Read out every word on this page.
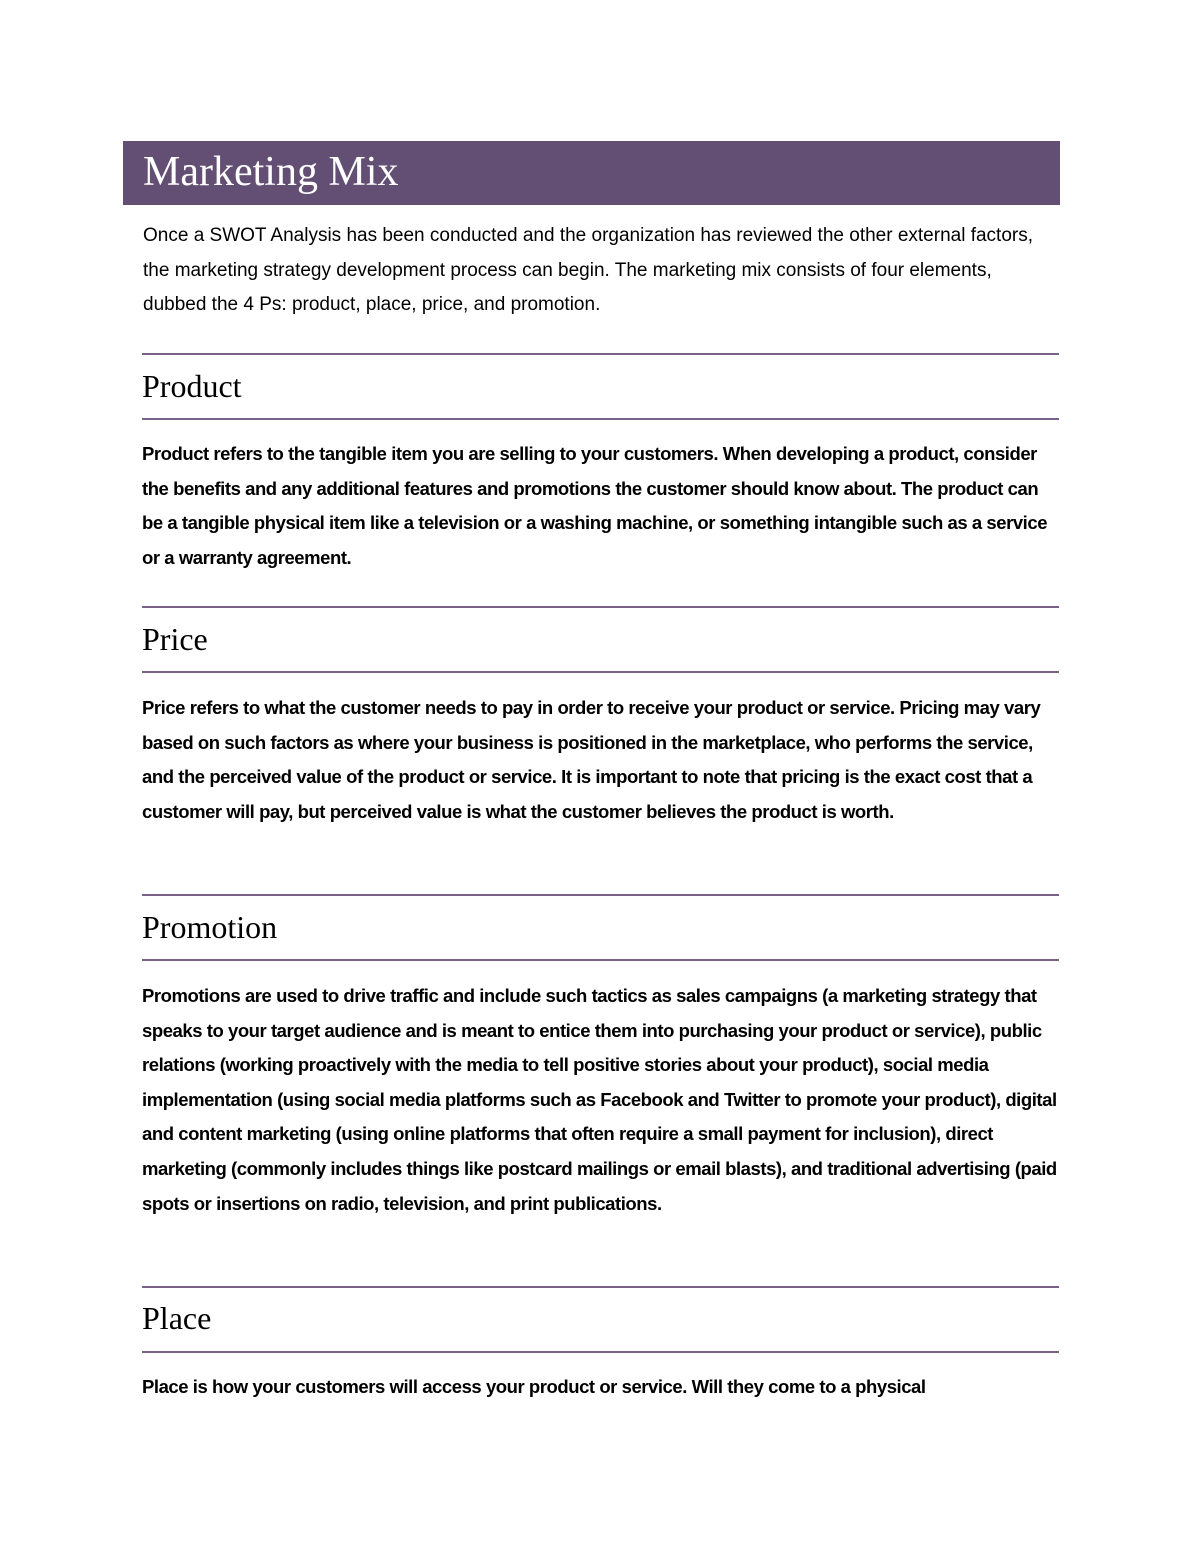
Marketing Mix
Once a SWOT Analysis has been conducted and the organization has reviewed the other external factors, the marketing strategy development process can begin. The marketing mix consists of four elements, dubbed the 4 Ps: product, place, price, and promotion.
Product
Product refers to the tangible item you are selling to your customers. When developing a product, consider the benefits and any additional features and promotions the customer should know about. The product can be a tangible physical item like a television or a washing machine, or something intangible such as a service or a warranty agreement.
Price
Price refers to what the customer needs to pay in order to receive your product or service. Pricing may vary based on such factors as where your business is positioned in the marketplace, who performs the service, and the perceived value of the product or service. It is important to note that pricing is the exact cost that a customer will pay, but perceived value is what the customer believes the product is worth.
Promotion
Promotions are used to drive traffic and include such tactics as sales campaigns (a marketing strategy that speaks to your target audience and is meant to entice them into purchasing your product or service), public relations (working proactively with the media to tell positive stories about your product), social media implementation (using social media platforms such as Facebook and Twitter to promote your product), digital and content marketing (using online platforms that often require a small payment for inclusion), direct marketing (commonly includes things like postcard mailings or email blasts), and traditional advertising (paid spots or insertions on radio, television, and print publications.
Place
Place is how your customers will access your product or service. Will they come to a physical
